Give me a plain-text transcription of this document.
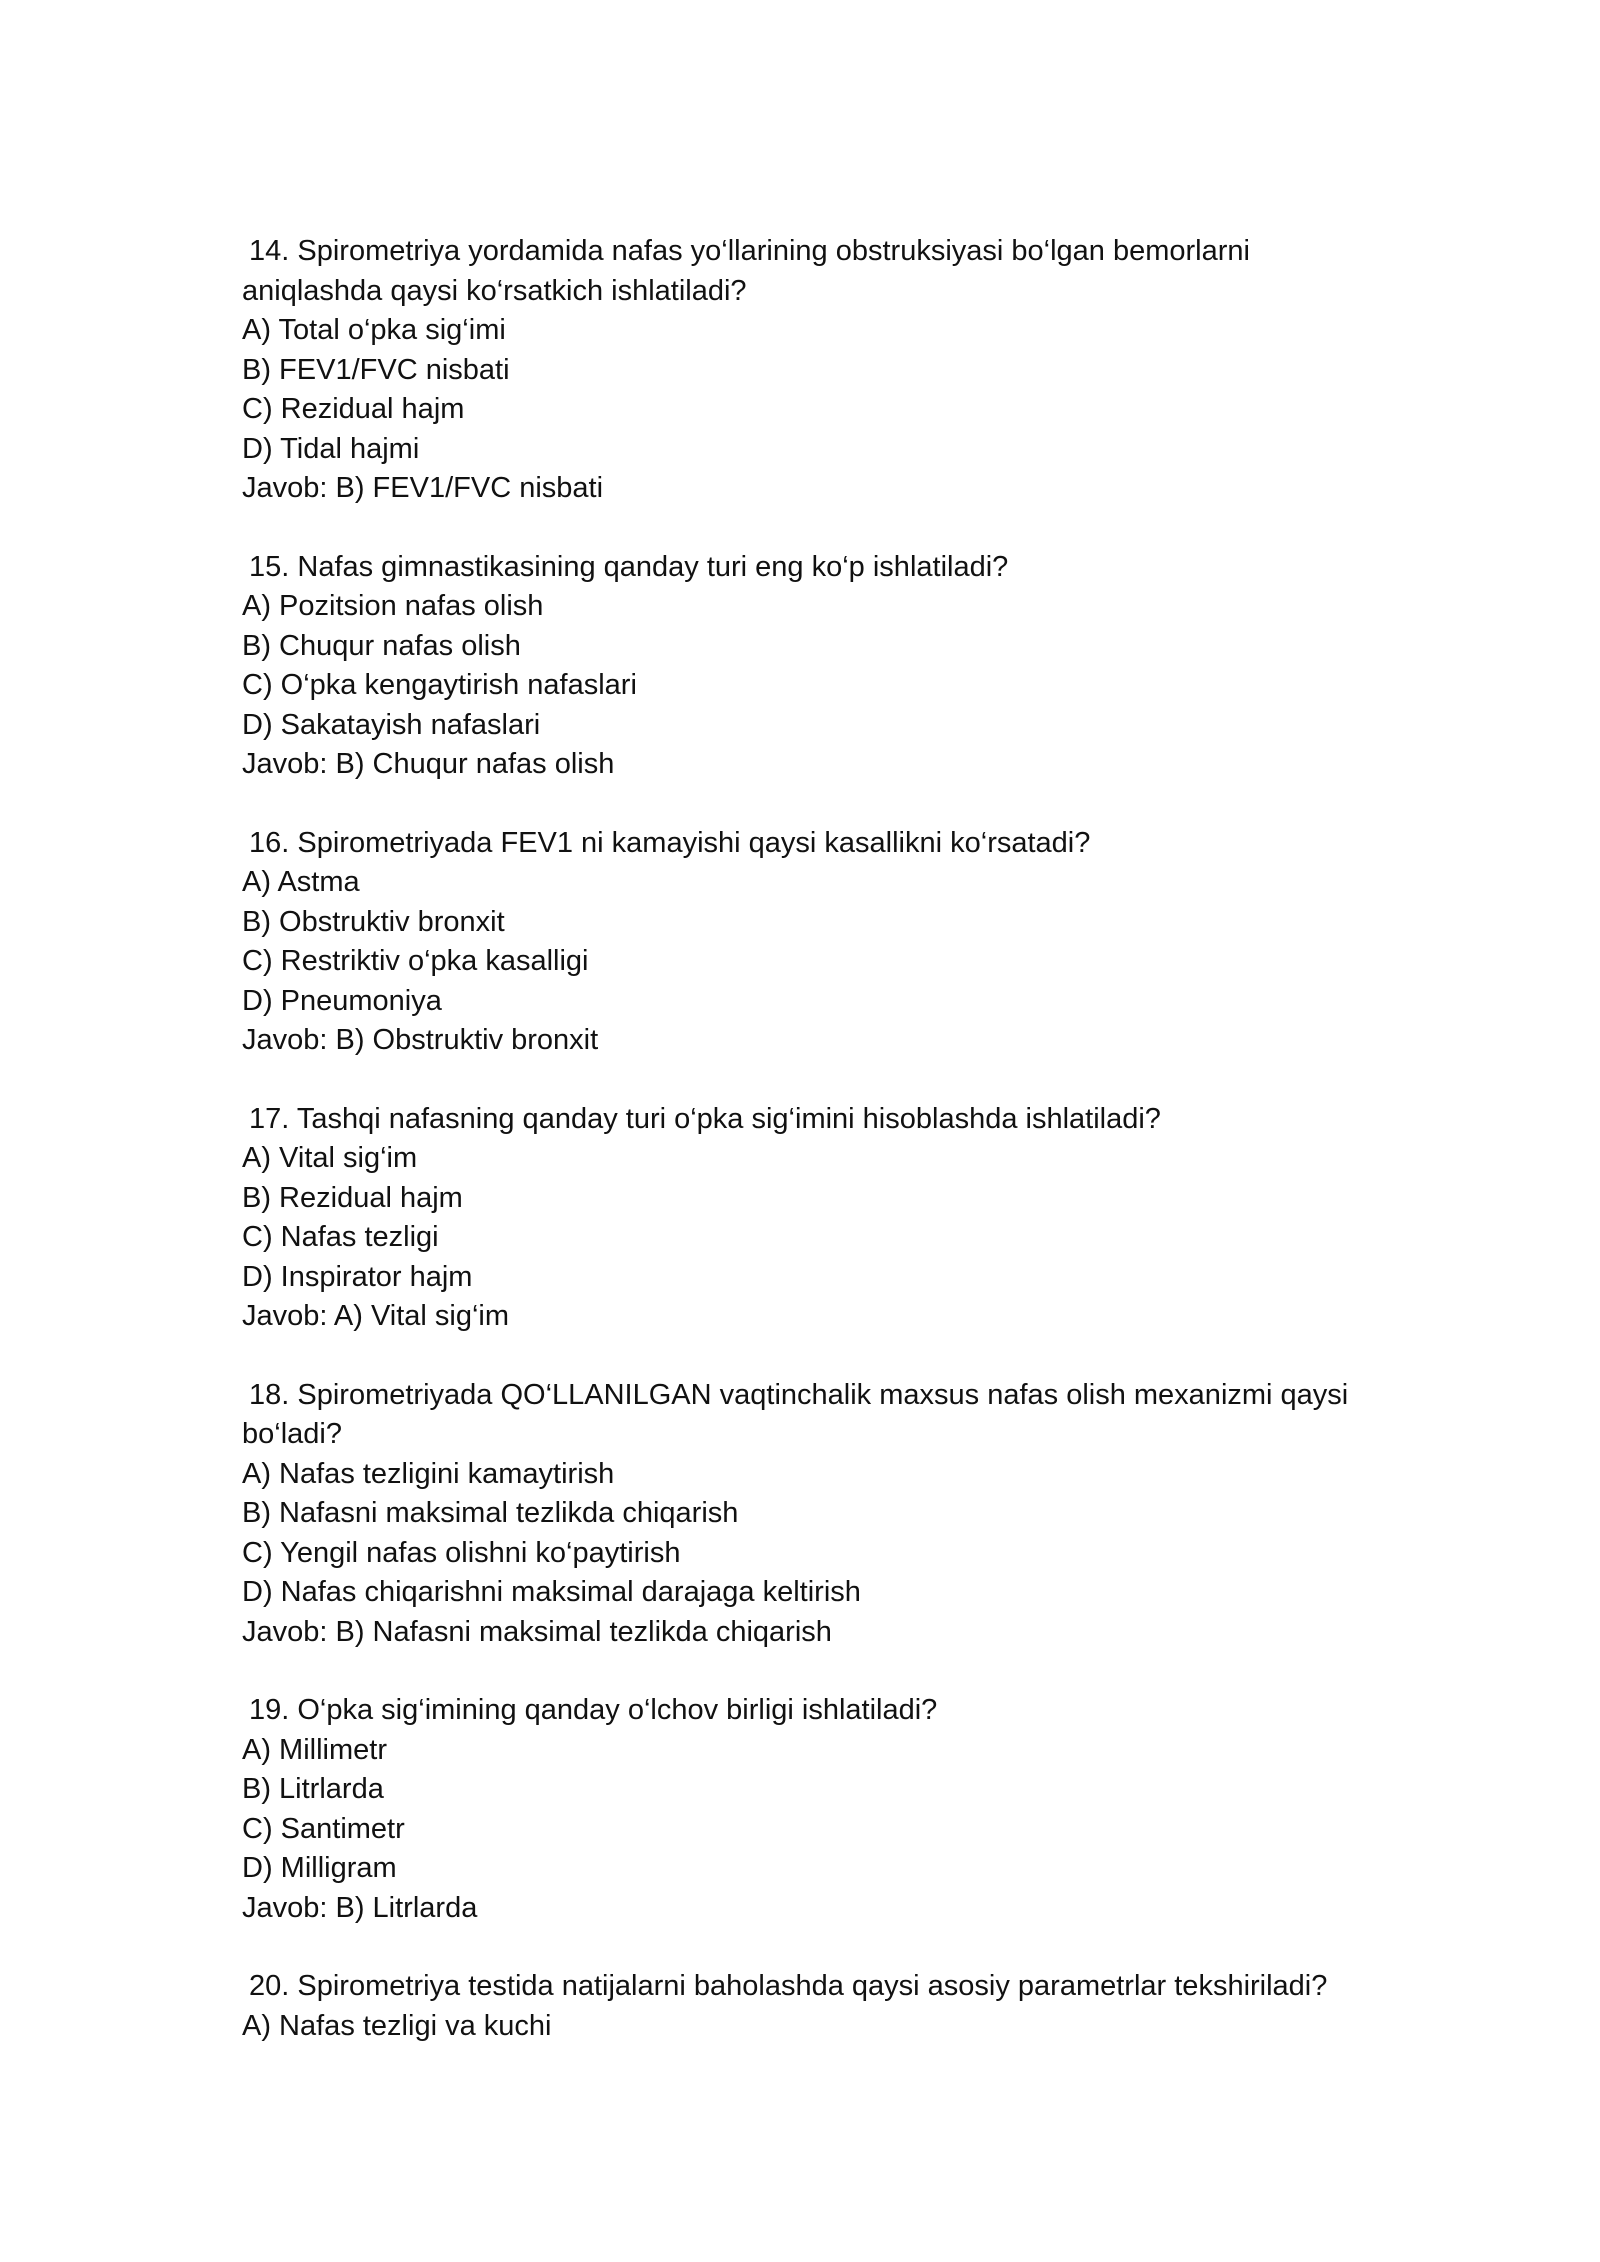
14. Spirometriya yordamida nafas yo‘llarining obstruksiyasi bo‘lgan bemorlarni

aniqlashda qaysi ko‘rsatkich ishlatiladi?

A) Total o‘pka sig‘imi

B) FEV1/FVC nisbati

C) Rezidual hajm

D) Tidal hajmi

Javob: B) FEV1/FVC nisbati

15. Nafas gimnastikasining qanday turi eng ko‘p ishlatiladi?

A) Pozitsion nafas olish

B) Chuqur nafas olish

C) O‘pka kengaytirish nafaslari

D) Sakatayish nafaslari

Javob: B) Chuqur nafas olish

16. Spirometriyada FEV1 ni kamayishi qaysi kasallikni ko‘rsatadi?

A) Astma

B) Obstruktiv bronxit

C) Restriktiv o‘pka kasalligi

D) Pneumoniya

Javob: B) Obstruktiv bronxit

17. Tashqi nafasning qanday turi o‘pka sig‘imini hisoblashda ishlatiladi?

A) Vital sig‘im

B) Rezidual hajm

C) Nafas tezligi

D) Inspirator hajm

Javob: A) Vital sig‘im

18. Spirometriyada QO‘LLANILGAN vaqtinchalik maxsus nafas olish mexanizmi qaysi

bo‘ladi?

A) Nafas tezligini kamaytirish

B) Nafasni maksimal tezlikda chiqarish

C) Yengil nafas olishni ko‘paytirish

D) Nafas chiqarishni maksimal darajaga keltirish

Javob: B) Nafasni maksimal tezlikda chiqarish

19. O‘pka sig‘imining qanday o‘lchov birligi ishlatiladi?

A) Millimetr

B) Litrlarda

C) Santimetr

D) Milligram

Javob: B) Litrlarda

20. Spirometriya testida natijalarni baholashda qaysi asosiy parametrlar tekshiriladi?

A) Nafas tezligi va kuchi
